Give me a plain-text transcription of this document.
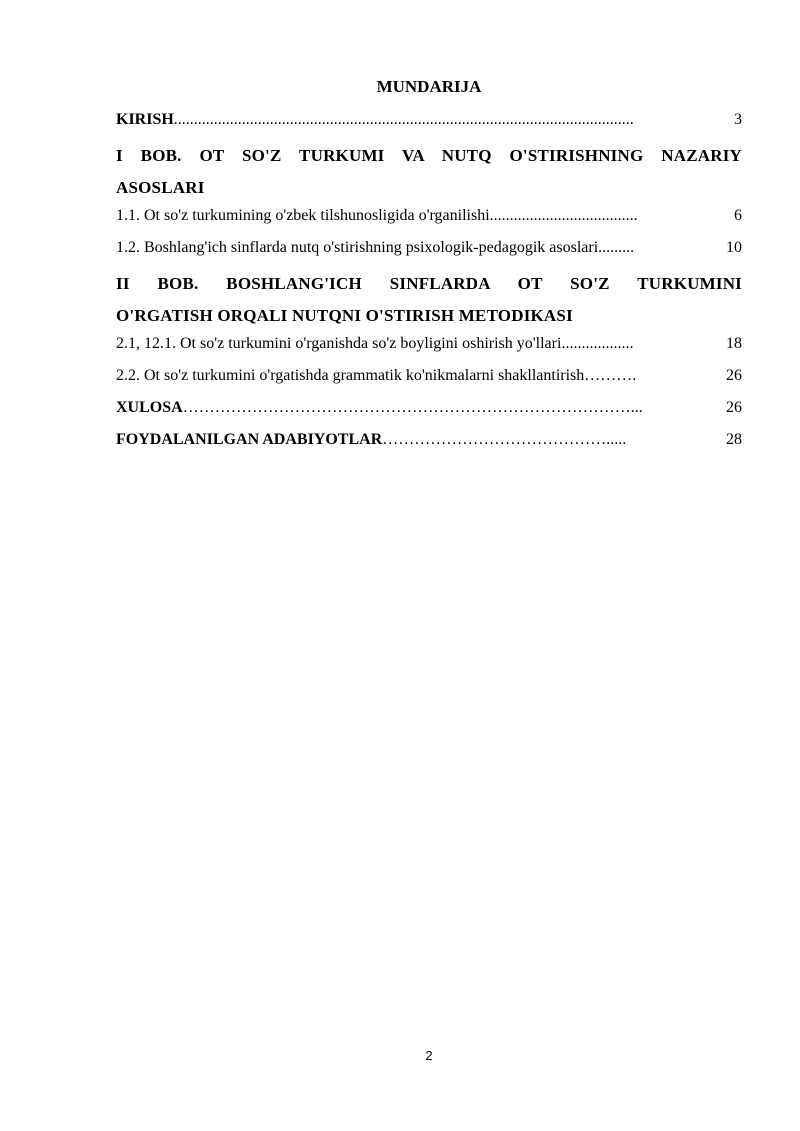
MUNDARIJA
KIRISH ...................................................................................................................	3
I BOB. OT SO'Z TURKUMI VA NUTQ O'STIRISHNING NAZARIY
ASOSLARI
1.1. Ot so'z turkumining o'zbek tilshunosligida o'rganilishi .....................................	6
1.2. Boshlang'ich sinflarda nutq o'stirishning psixologik-pedagogik asoslari .........	10
II BOB. BOSHLANG'ICH SINFLARDA OT SO'Z TURKUMINI
O'RGATISH ORQALI NUTQNI O'STIRISH METODIKASI
2.1, 12.1. Ot so'z turkumini o'rganishda so'z boyligini oshirish yo'llari ..................	18
2.2. Ot so'z turkumini o'rgatishda grammatik ko'nikmalarni shakllantirish ……….	26
XULOSA …………………………………………………………………………...	26
FOYDALANILGAN ADABIYOTLAR …………………………………….....	28
2
